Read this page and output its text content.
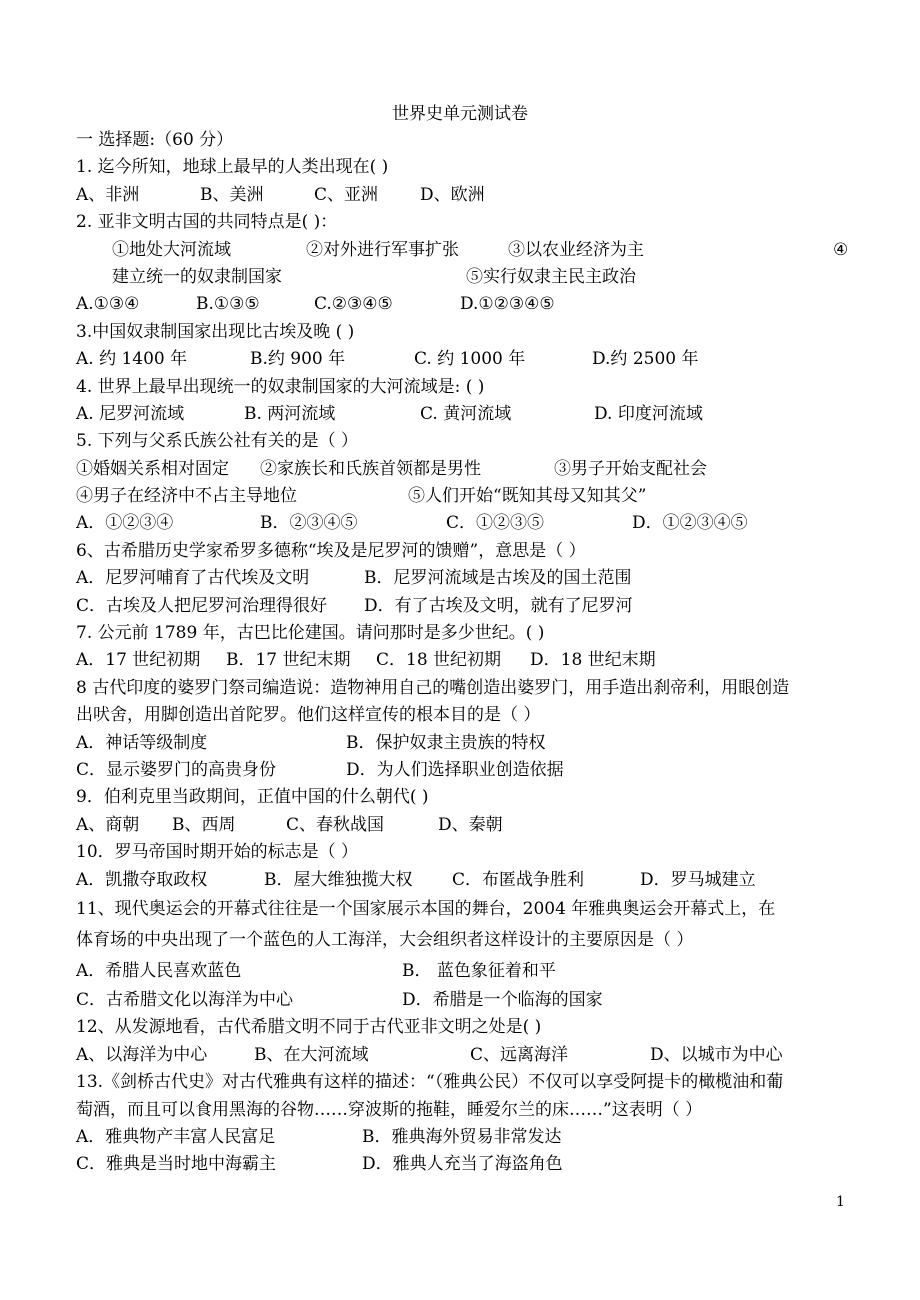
世界史单元测试卷
一 选择题:（60 分）
1. 迄今所知，地球上最早的人类出现在( )
A、非洲	B、美洲	C、亚洲 D、欧洲
2. 亚非文明古国的共同特点是( )：
①地处大河流域	②对外进行军事扩张	③以农业经济为主	④
建立统一的奴隶制国家	⑤实行奴隶主民主政治
A.①③④	B.①③⑤	C.②③④⑤	D.①②③④⑤
3.中国奴隶制国家出现比古埃及晚 ( )
A. 约 1400 年	B.约 900 年	C. 约 1000 年	D.约 2500 年
4. 世界上最早出现统一的奴隶制国家的大河流域是: ( )
A. 尼罗河流域	B. 两河流域	C. 黄河流域	D. 印度河流域
5. 下列与父系氏族公社有关的是（ ）
①婚姻关系相对固定 ②家族长和氏族首领都是男性	③男子开始支配社会
④男子在经济中不占主导地位	⑤人们开始“既知其母又知其父”
A．①②③④	B．②③④⑤	C．①②③⑤	D．①②③④⑤
6、古希腊历史学家希罗多德称“埃及是尼罗河的馈赠”，意思是（ ）
A．尼罗河哺育了古代埃及文明	B．尼罗河流域是古埃及的国土范围
C．古埃及人把尼罗河治理得很好 D．有了古埃及文明，就有了尼罗河
7. 公元前 1789 年，古巴比伦建国。请问那时是多少世纪。( )
A．17 世纪初期 B．17 世纪末期 C．18 世纪初期 D．18 世纪末期
8 古代印度的婆罗门祭司编造说：造物神用自己的嘴创造出婆罗门，用手造出刹帝利，用眼创造
出吠舍，用脚创造出首陀罗。他们这样宣传的根本目的是（ ）
A．神话等级制度	B．保护奴隶主贵族的特权
C．显示婆罗门的高贵身份	D．为人们选择职业创造依据
9．伯利克里当政期间，正值中国的什么朝代( )
A、商朝 B、西周	C、春秋战国	D、秦朝
10．罗马帝国时期开始的标志是（ ）
A．凯撒夺取政权	B．屋大维独揽大权 C．布匿战争胜利	D．罗马城建立
11、现代奥运会的开幕式往往是一个国家展示本国的舞台，2004 年雅典奥运会开幕式上，在
体育场的中央出现了一个蓝色的人工海洋，大会组织者这样设计的主要原因是（ ）
A．希腊人民喜欢蓝色	B． 蓝色象征着和平
C．古希腊文化以海洋为中心	D．希腊是一个临海的国家
12、从发源地看，古代希腊文明不同于古代亚非文明之处是( )
A、以海洋为中心	B、在大河流域	C、远离海洋	D、以城市为中心
13.《剑桥古代史》对古代雅典有这样的描述：“（雅典公民）不仅可以享受阿提卡的橄榄油和葡
萄酒，而且可以食用黑海的谷物……穿波斯的拖鞋，睡爱尔兰的床……”这表明（ ）
A．雅典物产丰富人民富足	B．雅典海外贸易非常发达
C．雅典是当时地中海霸主	D．雅典人充当了海盗角色
1
